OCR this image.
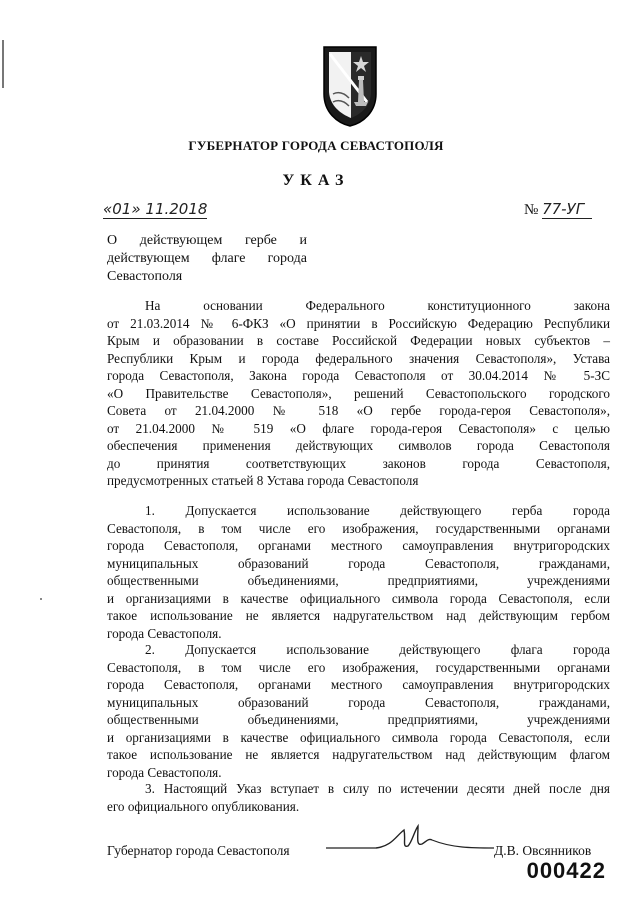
ГУБЕРНАТОР ГОРОДА СЕВАСТОПОЛЯ
УКАЗ
«01» 11.2018	№ 77-УГ
О действующем гербе и
действующем флаге города
Севастополя
На основании Федерального конституционного закона
от 21.03.2014 № 6-ФКЗ «О принятии в Российскую Федерацию Республики
Крым и образовании в составе Российской Федерации новых субъектов –
Республики Крым и города федерального значения Севастополя», Устава
города Севастополя, Закона города Севастополя от 30.04.2014 № 5-ЗС
«О Правительстве Севастополя», решений Севастопольского городского
Совета от 21.04.2000 № 518 «О гербе города-героя Севастополя»,
от 21.04.2000 № 519 «О флаге города-героя Севастополя» с целью
обеспечения применения действующих символов города Севастополя
до принятия соответствующих законов города Севастополя,
предусмотренных статьей 8 Устава города Севастополя
1. Допускается использование действующего герба города
Севастополя, в том числе его изображения, государственными органами
города Севастополя, органами местного самоуправления внутригородских
муниципальных образований города Севастополя, гражданами,
общественными объединениями, предприятиями, учреждениями
и организациями в качестве официального символа города Севастополя, если
такое использование не является надругательством над действующим гербом
города Севастополя.
2. Допускается использование действующего флага города
Севастополя, в том числе его изображения, государственными органами
города Севастополя, органами местного самоуправления внутригородских
муниципальных образований города Севастополя, гражданами,
общественными объединениями, предприятиями, учреждениями
и организациями в качестве официального символа города Севастополя, если
такое использование не является надругательством над действующим флагом
города Севастополя.
3. Настоящий Указ вступает в силу по истечении десяти дней после дня
его официального опубликования.
Губернатор города Севастополя	Д.В. Овсянников
000422
